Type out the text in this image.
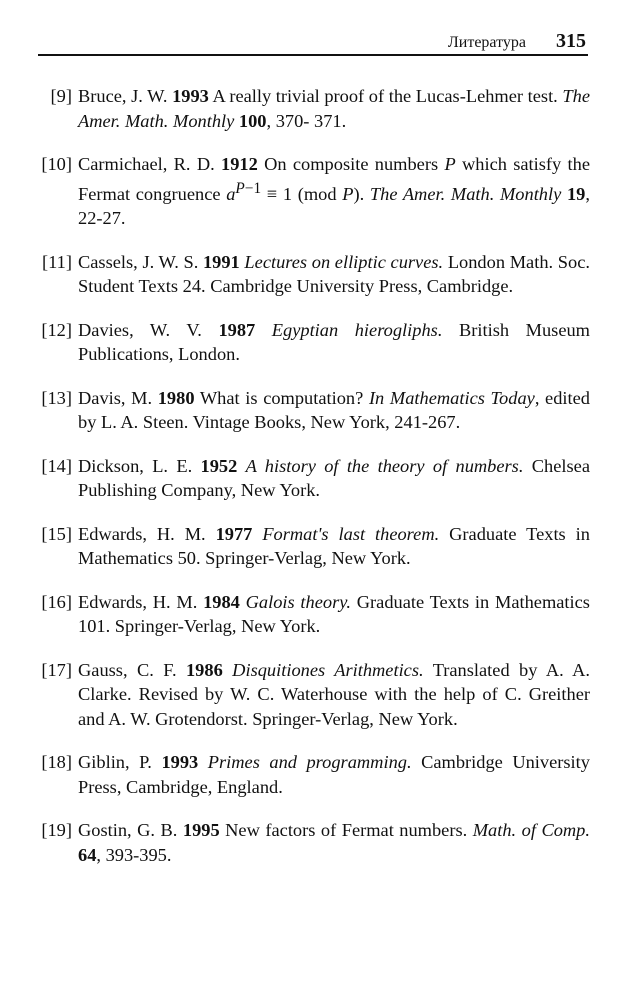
Литература 315
[9] Bruce, J. W. 1993 A really trivial proof of the Lucas-Lehmer test. The Amer. Math. Monthly 100, 370- 371.
[10] Carmichael, R. D. 1912 On composite numbers P which satisfy the Fermat congruence $a^{P-1} \equiv 1$ (mod P). The Amer. Math. Monthly 19, 22-27.
[11] Cassels, J. W. S. 1991 Lectures on elliptic curves. London Math. Soc. Student Texts 24. Cambridge University Press, Cambridge.
[12] Davies, W. V. 1987 Egyptian hierogliphs. British Museum Publications, London.
[13] Davis, M. 1980 What is computation? In Mathematics Today, edited by L. A. Steen. Vintage Books, New York, 241-267.
[14] Dickson, L. E. 1952 A history of the theory of numbers. Chelsea Publishing Company, New York.
[15] Edwards, H. M. 1977 Format's last theorem. Graduate Texts in Mathematics 50. Springer-Verlag, New York.
[16] Edwards, H. M. 1984 Galois theory. Graduate Texts in Mathematics 101. Springer-Verlag, New York.
[17] Gauss, C. F. 1986 Disquitiones Arithmetics. Translated by A. A. Clarke. Revised by W. C. Waterhouse with the help of C. Greither and A. W. Grotendorst. Springer-Verlag, New York.
[18] Giblin, P. 1993 Primes and programming. Cambridge University Press, Cambridge, England.
[19] Gostin, G. B. 1995 New factors of Fermat numbers. Math. of Comp. 64, 393-395.
